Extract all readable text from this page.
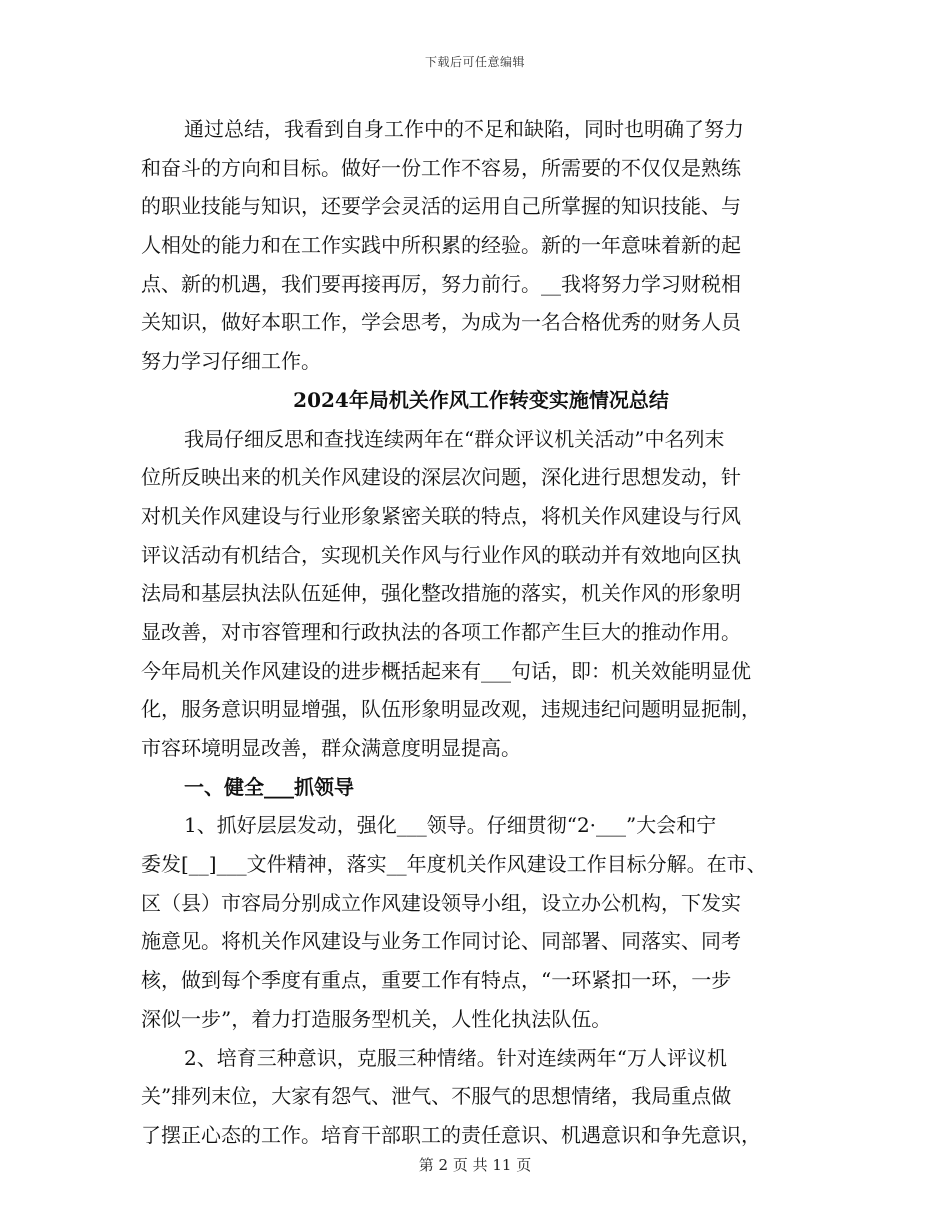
下载后可任意编辑
通过总结，我看到自身工作中的不足和缺陷，同时也明确了努力
和奋斗的方向和目标。做好一份工作不容易，所需要的不仅仅是熟练
的职业技能与知识，还要学会灵活的运用自己所掌握的知识技能、与
人相处的能力和在工作实践中所积累的经验。新的一年意味着新的起
点、新的机遇，我们要再接再厉，努力前行。__我将努力学习财税相
关知识，做好本职工作，学会思考，为成为一名合格优秀的财务人员
努力学习仔细工作。
2024年局机关作风工作转变实施情况总结
我局仔细反思和查找连续两年在“群众评议机关活动”中名列末
位所反映出来的机关作风建设的深层次问题，深化进行思想发动，针
对机关作风建设与行业形象紧密关联的特点，将机关作风建设与行风
评议活动有机结合，实现机关作风与行业作风的联动并有效地向区执
法局和基层执法队伍延伸，强化整改措施的落实，机关作风的形象明
显改善，对市容管理和行政执法的各项工作都产生巨大的推动作用。
今年局机关作风建设的进步概括起来有___句话，即：机关效能明显优
化，服务意识明显增强，队伍形象明显改观，违规违纪问题明显扼制，
市容环境明显改善，群众满意度明显提高。
一、健全___抓领导
1、抓好层层发动，强化___领导。仔细贯彻“2·___”大会和宁
委发[__]___文件精神，落实__年度机关作风建设工作目标分解。在市、
区（县）市容局分别成立作风建设领导小组，设立办公机构，下发实
施意见。将机关作风建设与业务工作同讨论、同部署、同落实、同考
核，做到每个季度有重点，重要工作有特点，“一环紧扣一环，一步
深似一步”，着力打造服务型机关，人性化执法队伍。
2、培育三种意识，克服三种情绪。针对连续两年“万人评议机
关”排列末位，大家有怨气、泄气、不服气的思想情绪，我局重点做
了摆正心态的工作。培育干部职工的责任意识、机遇意识和争先意识，
第 2 页 共 11 页
